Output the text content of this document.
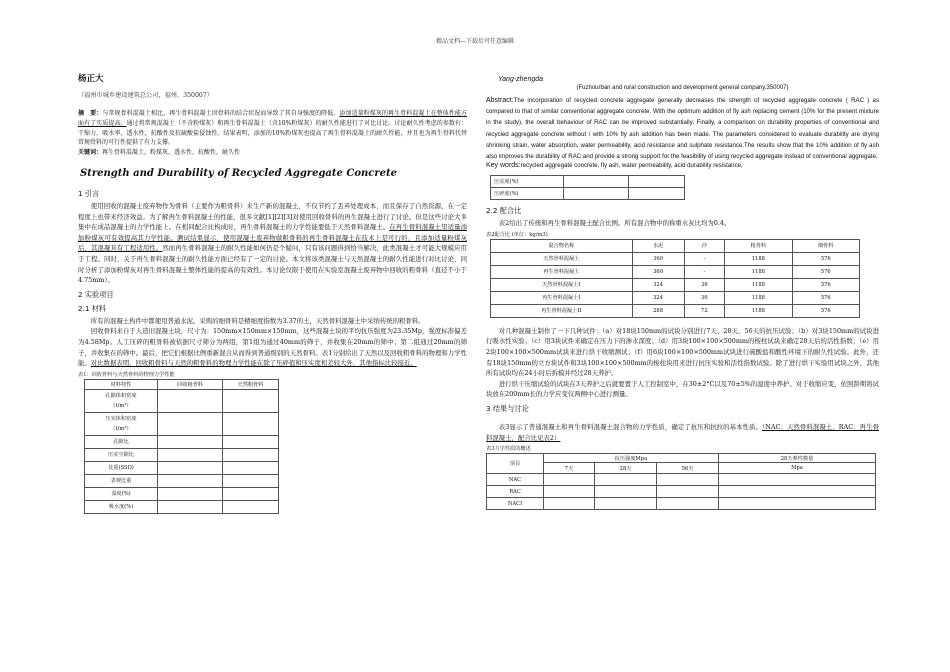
精品文档---下载后可任意编辑
杨正大
（福州市城乡建设建筑总公司，福州，350007）
摘　要：与常规骨料混凝土相比，再生骨料混凝土因骨料的结合状况而导致了其自身强度的降低。添加适量粉煤灰的再生骨料混凝土在整体性能方面有了实质提高。通过将常规混凝土（不含粉煤灰）和再生骨料混凝土（含10%粉煤灰）的耐久性能进行了对比讨论。讨论耐久性考虑的参数有：干缩力，吸水率，透水性，抗酸性及抗硫酸盐侵蚀性。结果表明，添加的10%粉煤灰也提高了再生骨料混凝土的耐久性能，并且也为再生骨料代替常规骨料的可行性提供了有力支撑。
关键词：再生骨料混凝土，粉煤灰，透水性，抗酸性，耐久性
Strength and Durability of Recycled Aggregate Concrete
1 引言
使用回收的混凝土废弃物作为骨料（主要作为粗骨料）来生产新的混凝土，不仅节约了丢弃处理成本，而且保存了自然资源，在一定程度上也带来经济效益。为了解再生骨料混凝土的性能，很多文献[1][2][3]对使用回收骨料的再生混凝土进行了讨论。但是这些讨论大多集中在成品混凝土的力学性能上。在相同配合比构成时，再生骨料混凝土的力学性能要低于天然骨料混凝土。在再生骨料混凝土里适量添加粉煤灰可有效提高其力学性能。测试结果显示，使用混凝土废弃物做粗骨料的再生骨料混凝土在技术上是可行的，且添加适量粉煤灰后，其混凝具有工程适用性。然而再生骨料混凝土的耐久性能如何仍是个疑问，只有该问题得到恰当解决，此类混凝土才可能大规模应用于工程。同时，关于再生骨料混凝土的耐久性能方面已经有了一定的讨论。本文将该类混凝土与天然混凝土的耐久性能进行对比讨论，同时分析了添加粉煤灰对再生骨料混凝土整体性能的提高的有效性。本讨论仅限于使用在实验室混凝土废弃物中回收的粗骨料（直径不小于4.75mm）。
2 实验项目
2.1 材料
所有的混凝土构件中都使用普通水泥。采购的细骨料是精细度指数为3.37的土，天然骨料混凝土中采纳传统的粗骨料。
回收骨料来自于人造旧混凝土块，尺寸为：150mm×150mm×150mm，这些混凝土块的平均抗压强度为23.35Mp，强度标准偏差为4.58Mp。人工压碎的粗骨料被依据尺寸筛分为两组，第1组为通过40mm的筛子，并收集在20mm的筛中；第二组通过20mm的筛子，并收集在的筛中。最后，把它们根据比例重新混合从而得到普通级别的天然骨料。表1分别给出了天然以及回收粗骨料的物理和力学性能。对比数据表明，回收粗骨料与天然的粗骨料的物理力学性能在除了压碎值和压实度相差较大外，其他指标比较接近。
表1：回收骨料与天然骨料的物理力学性能
材料特性	回收粗骨料	天然粗骨料
孔隙体积密度
（t/m³）		
压实体积密度
（t/m³）		
孔隙比		
压实空隙比		
比重(SSD)		
表观比重		
湿度(%)		
吸水度(%)		
Yang-zhengda
(Fuzhourban and rural construction and development general company.350007)
Abstract:The incorporation of recycled concrete aggregate generally decreases the strength of recycled aggregate concrete ( RAC ) as compared to that of similar conventional aggregate concrete. With the optimum addition of fly ash replacing cement (10% for the present mixture in the study), the overall behaviour of RAC can be improved substantially. Finally, a comparison on durability properties of conventional and recycled aggregate concrete without / with 10% fly ash addition has been made. The parameters considered to evaluate durability are drying shrinking strain, water absorption, water permeability, acid resistance and sulphate resistance.The results show that the 10% addition of fly ash also improves the durability of RAC and provide a strong support for the feasibility of using recycled aggregate instead of conventional aggregate.
Key words:recycled aggregate concrete, fly ash, water permeability, acid durability resistance,
压实度(%)		
压碎度(%)		
2.2 配合比
表2给出了传统和再生骨料混凝土配合比例。所有混合物中的称重水灰比均为0.4。
表2配合比 (单位：kg/m3)
混合物名称	水泥	沙	粗骨料	细骨料
天然骨料混凝土	360	-	1188	576
再生骨料混凝土	360	-	1188	576
天然骨料混凝土I	324	36	1188	576
再生骨料混凝土I	324	36	1188	576
再生骨料混凝土II	288	72	1188	576
对几种混凝土制作了一下几种试件：（a）对18块150mm的试块分别进行7天、28天、56天的抗压试验；（b）对3块150mm的试块进行吸水性实验；（c）用3块试件来确定在压力下的渗水深度；（d）用3块100×100×500mm的梭柱试块来确定28天后的活性指数；（e）用2块100×100×500mm试块来进行烘干收缩测试；（f）用6块100×100×500mm试块进行硫酸盐和酸性环境下的耐久性试验。此外，还有18块150mm的立方块试件和3块100×100×500mm的梭柱块用来进行抗压实验和活性指数试验。除了进行烘干实验用试块之外，其他所有试块均在24小时后拆模并经过28天养护。
进行烘干压缩试验的试块在3天养护之后就要置于人工控制室中，在30±2°C以及70±5%的湿度中养护。对于收缩应变，依照龄期将试块放在200mm长的力学应变仪两侧中心进行测量。
3 结果与讨论
表3显示了普通混凝土和再生骨料混凝土混合物的力学性质，确定了抗压和抗拉的基本性质。（NAC：天然骨料混凝土，RAC：再生骨料混凝土，配合比见表2）
表3力学性质的概述
项目	抗压强度Mpa			28天弹性模量
	7天	28天	56天	Mpa
NAC				
RAC				
NACI				
